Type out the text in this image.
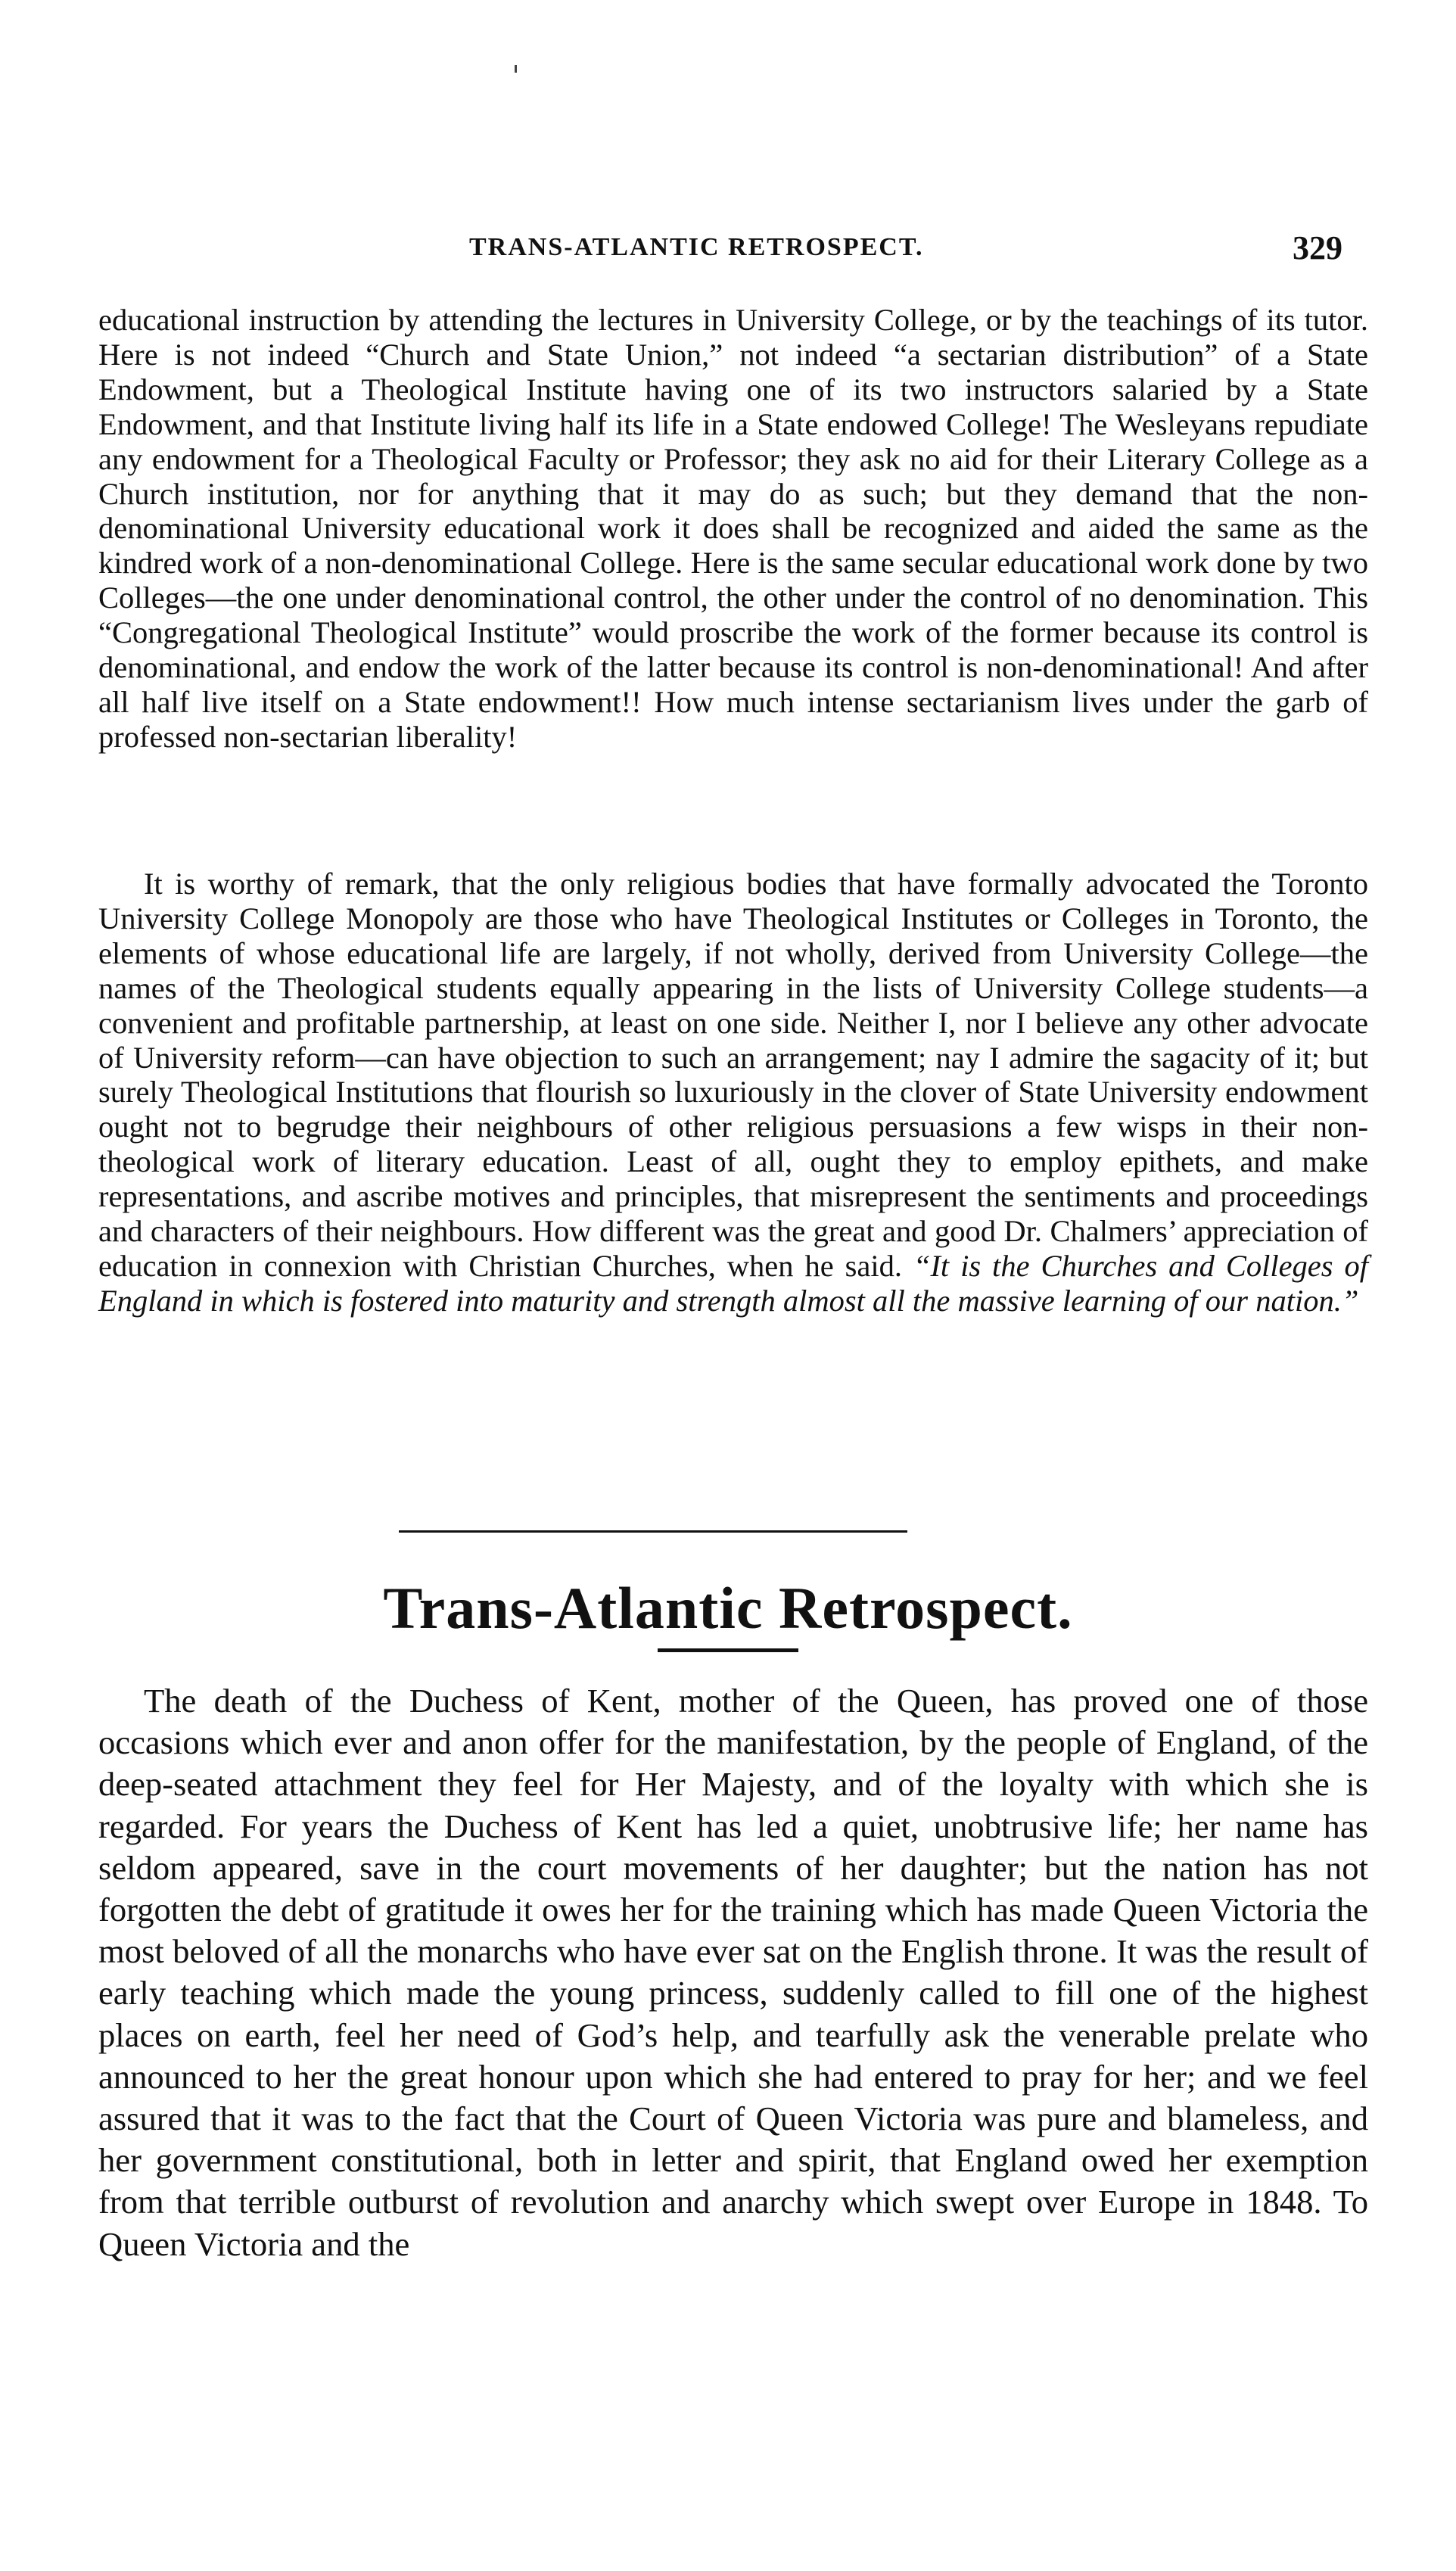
TRANS-ATLANTIC RETROSPECT.	329

educational instruction by attending the lectures in University College, or by the teachings of its tutor. Here is not indeed “Church and State Union,” not indeed “a sectarian distribution” of a State Endowment, but a Theological Institute having one of its two instructors salaried by a State Endowment, and that Institute living half its life in a State endowed College! The Wesleyans repudiate any endowment for a Theological Faculty or Professor; they ask no aid for their Literary College as a Church institution, nor for anything that it may do as such; but they demand that the non-denominational University educational work it does shall be recognized and aided the same as the kindred work of a non-denominational College. Here is the same secular educational work done by two Colleges—the one under denominational control, the other under the control of no denomination. This “Congregational Theological Institute” would proscribe the work of the former because its control is denominational, and endow the work of the latter because its control is non-denominational! And after all half live itself on a State endowment!! How much intense sectarianism lives under the garb of professed non-sectarian liberality!

It is worthy of remark, that the only religious bodies that have formally advocated the Toronto University College Monopoly are those who have Theological Institutes or Colleges in Toronto, the elements of whose educational life are largely, if not wholly, derived from University College—the names of the Theological students equally appearing in the lists of University College students—a convenient and profitable partnership, at least on one side. Neither I, nor I believe any other advocate of University reform—can have objection to such an arrangement; nay I admire the sagacity of it; but surely Theological Institutions that flourish so luxuriously in the clover of State University endowment ought not to begrudge their neighbours of other religious persuasions a few wisps in their non-theological work of literary education. Least of all, ought they to employ epithets, and make representations, and ascribe motives and principles, that misrepresent the sentiments and proceedings and characters of their neighbours. How different was the great and good Dr. Chalmers’ appreciation of education in connexion with Christian Churches, when he said. “It is the Churches and Colleges of England in which is fostered into maturity and strength almost all the massive learning of our nation.”

Trans-Atlantic Retrospect.

The death of the Duchess of Kent, mother of the Queen, has proved one of those occasions which ever and anon offer for the manifestation, by the people of England, of the deep-seated attachment they feel for Her Majesty, and of the loyalty with which she is regarded. For years the Duchess of Kent has led a quiet, unobtrusive life; her name has seldom appeared, save in the court movements of her daughter; but the nation has not forgotten the debt of gratitude it owes her for the training which has made Queen Victoria the most beloved of all the monarchs who have ever sat on the English throne. It was the result of early teaching which made the young princess, suddenly called to fill one of the highest places on earth, feel her need of God’s help, and tearfully ask the venerable prelate who announced to her the great honour upon which she had entered to pray for her; and we feel assured that it was to the fact that the Court of Queen Victoria was pure and blameless, and her government constitutional, both in letter and spirit, that England owed her exemption from that terrible outburst of revolution and anarchy which swept over Europe in 1848. To Queen Victoria and the
